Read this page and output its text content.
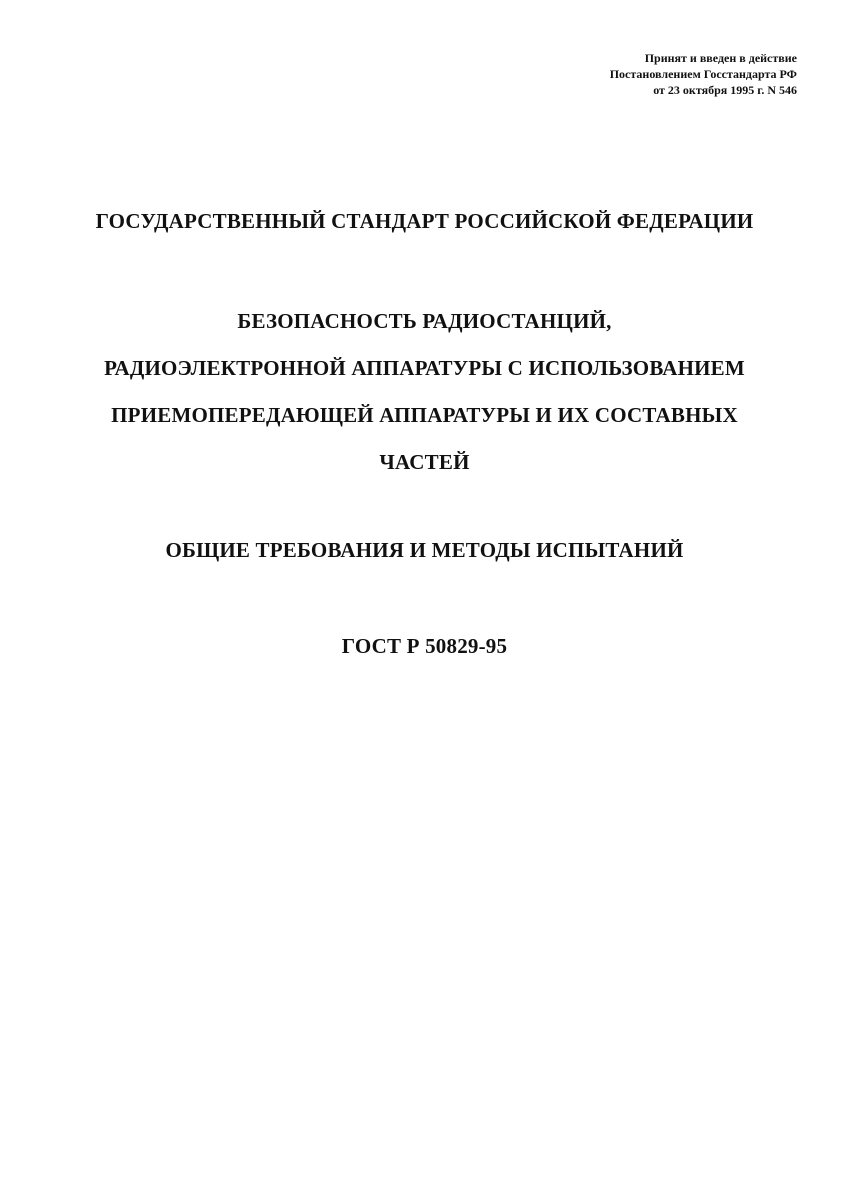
Принят и введен в действие
Постановлением Госстандарта РФ
от 23 октября 1995 г. N 546
ГОСУДАРСТВЕННЫЙ СТАНДАРТ РОССИЙСКОЙ ФЕДЕРАЦИИ
БЕЗОПАСНОСТЬ РАДИОСТАНЦИЙ,
РАДИОЭЛЕКТРОННОЙ АППАРАТУРЫ С ИСПОЛЬЗОВАНИЕМ
ПРИЕМОПЕРЕДАЮЩЕЙ АППАРАТУРЫ И ИХ СОСТАВНЫХ
ЧАСТЕЙ
ОБЩИЕ ТРЕБОВАНИЯ И МЕТОДЫ ИСПЫТАНИЙ
ГОСТ Р 50829-95
